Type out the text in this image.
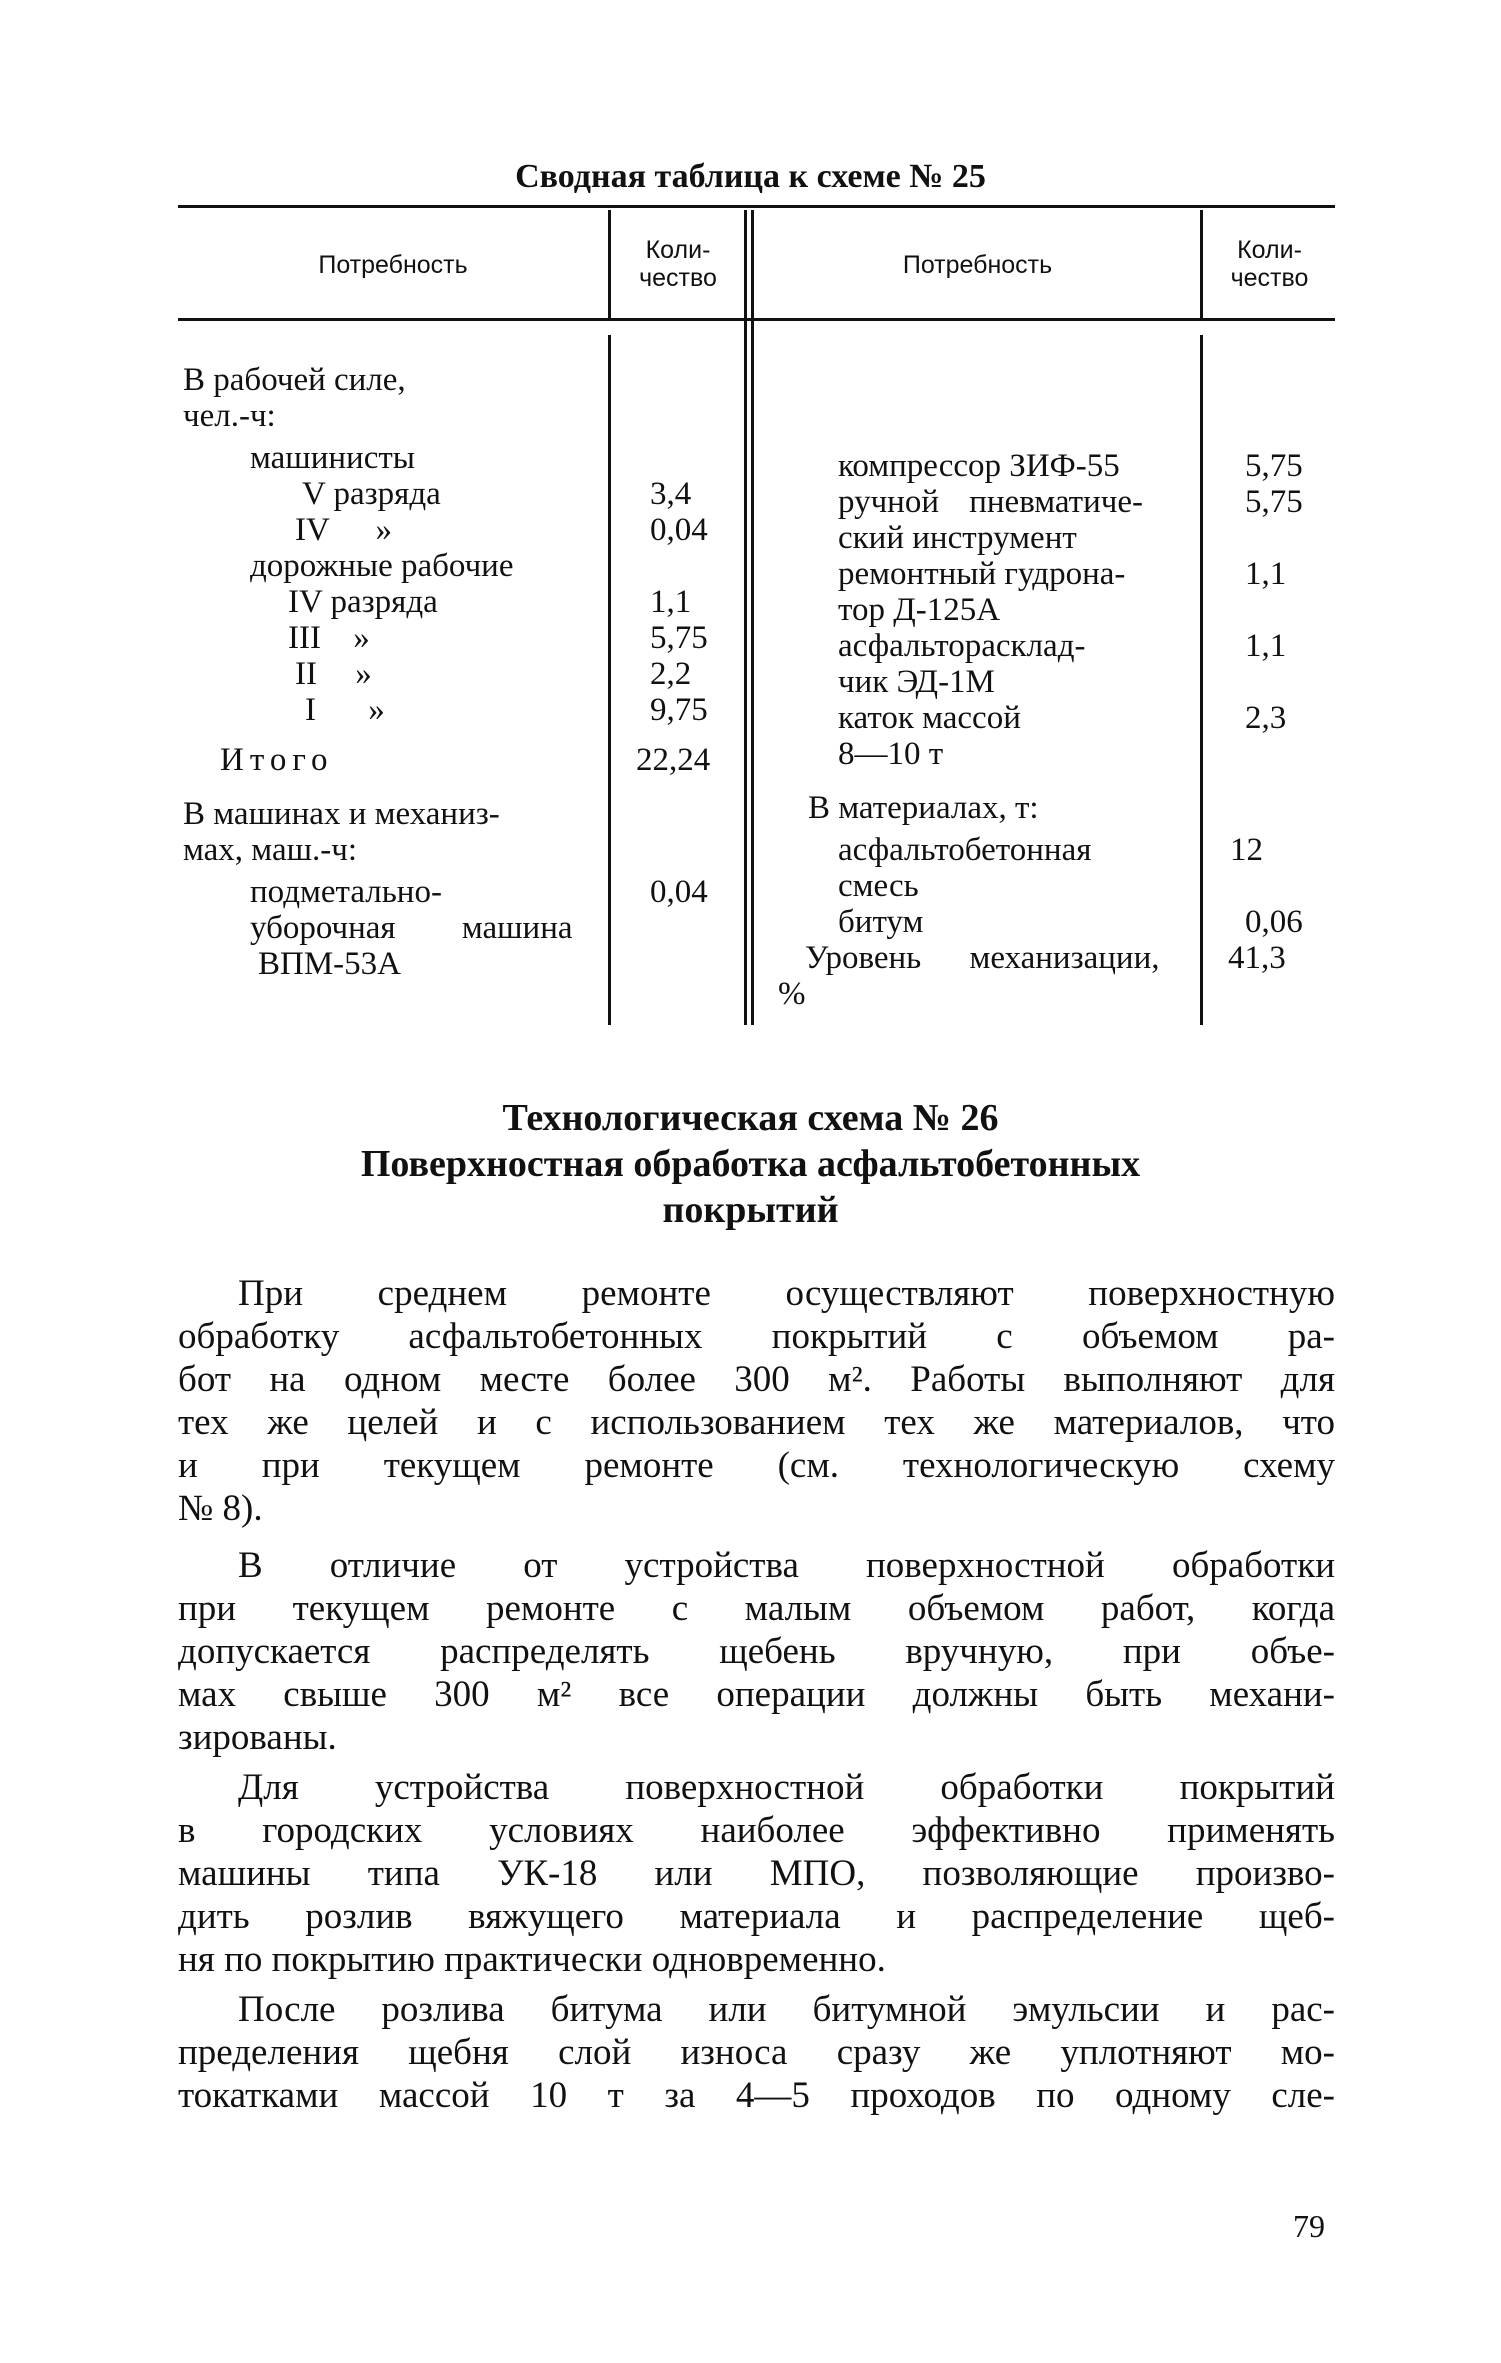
Сводная таблица к схеме № 25
Потребность
Коли-
чество	Потребность
Коли-
чество
В рабочей силе,
чел.-ч:
машинисты
V разряда
IV »
дорожные рабочие
IV разряда
III »
II »
I »
Итого
В машинах и механиз-
мах, маш.-ч:
подметально-
уборочная машина
ВПМ-53А
3,4
0,04
1,1
5,75
2,2
9,75
22,24
0,04
компрессор ЗИФ-55
ручной пневматиче-
ский инструмент
ремонтный гудрона-
тор Д-125А
асфальторасклад-
чик ЭД-1М
каток массой
8—10 т
В материалах, т:
асфальтобетонная
смесь
битум
Уровень механизации,
%
5,75
5,75
1,1
1,1
2,3
12
0,06
41,3
Технологическая схема № 26
Поверхностная обработка асфальтобетонных
покрытий
При среднем ремонте осуществляют поверхностную
обработку асфальтобетонных покрытий с объемом ра-
бот на одном месте более 300 м². Работы выполняют для
тех же целей и с использованием тех же материалов, что
и при текущем ремонте (см. технологическую схему
№ 8).
В отличие от устройства поверхностной обработки
при текущем ремонте с малым объемом работ, когда
допускается распределять щебень вручную, при объе-
мах свыше 300 м² все операции должны быть механи-
зированы.
Для устройства поверхностной обработки покрытий
в городских условиях наиболее эффективно применять
машины типа УК-18 или МПО, позволяющие произво-
дить розлив вяжущего материала и распределение щеб-
ня по покрытию практически одновременно.
После розлива битума или битумной эмульсии и рас-
пределения щебня слой износа сразу же уплотняют мо-
токатками массой 10 т за 4—5 проходов по одному сле-
79
